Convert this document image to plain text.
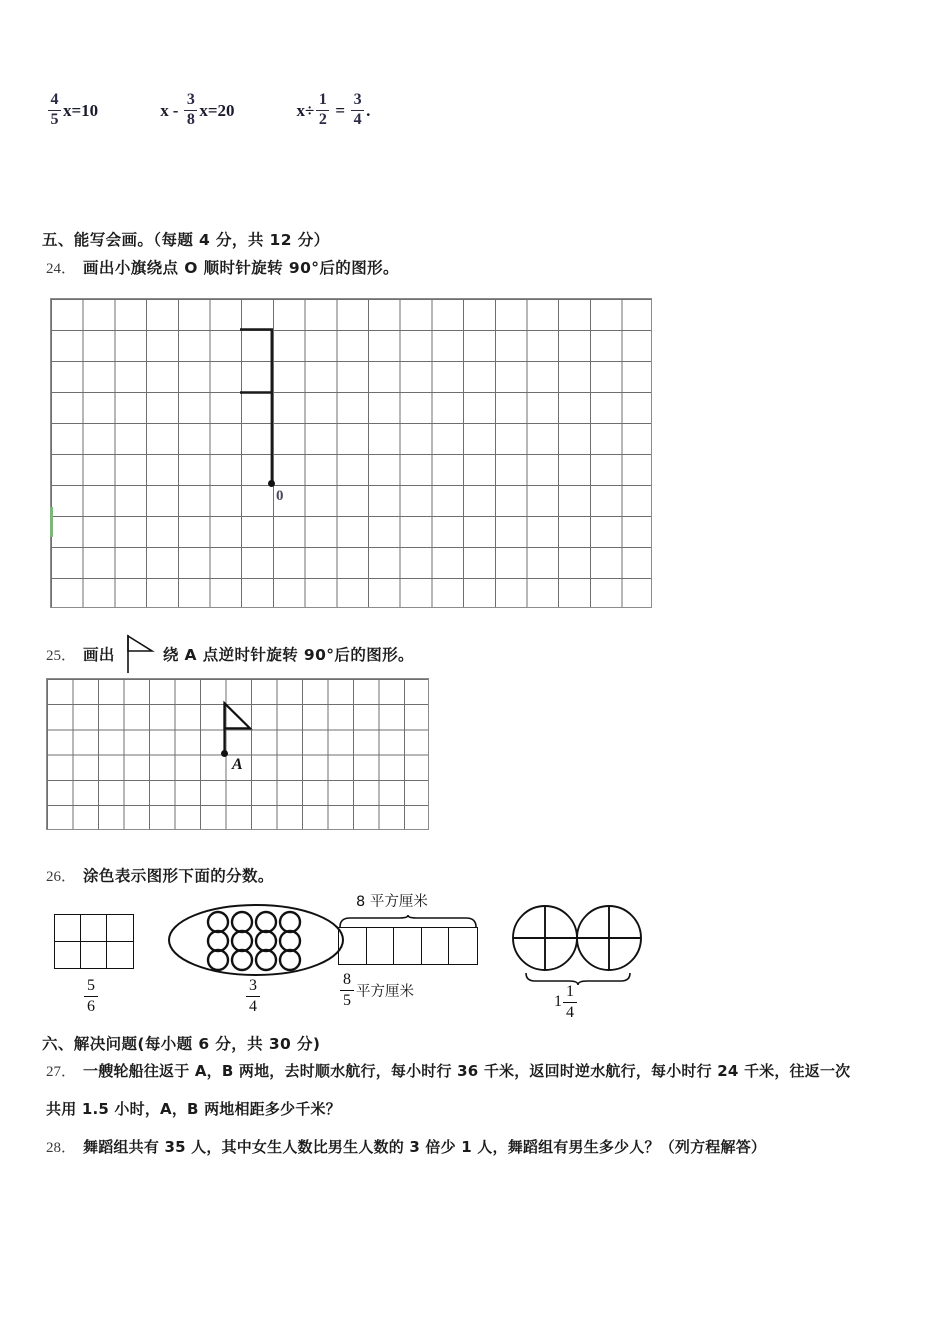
$\frac{4}{5} x=10$	$x - \frac{3}{8} x=20$	$x\div \frac{1}{2} = \frac{3}{4}$ .
五、能写会画。（每题 4 分，共 12 分）
24． 画出小旗绕点 O 顺时针旋转 90°后的图形。
0
25． 画出	绕 A 点逆时针旋转 90°后的图形。
A
26． 涂色表示图形下面的分数。
$\frac{5}{6}$	$\frac{3}{4}$
8 平方厘米
$\frac{8}{5}$ 平方厘米
$1 \frac{1}{4}$
六、解决问题(每小题 6 分，共 30 分)
27． 一艘轮船往返于 A，B 两地，去时顺水航行，每小时行 36 千米，返回时逆水航行，每小时行 24 千米，往返一次
共用 1.5 小时，A，B 两地相距多少千米？
28． 舞蹈组共有 35 人，其中女生人数比男生人数的 3 倍少 1 人，舞蹈组有男生多少人？（列方程解答）
